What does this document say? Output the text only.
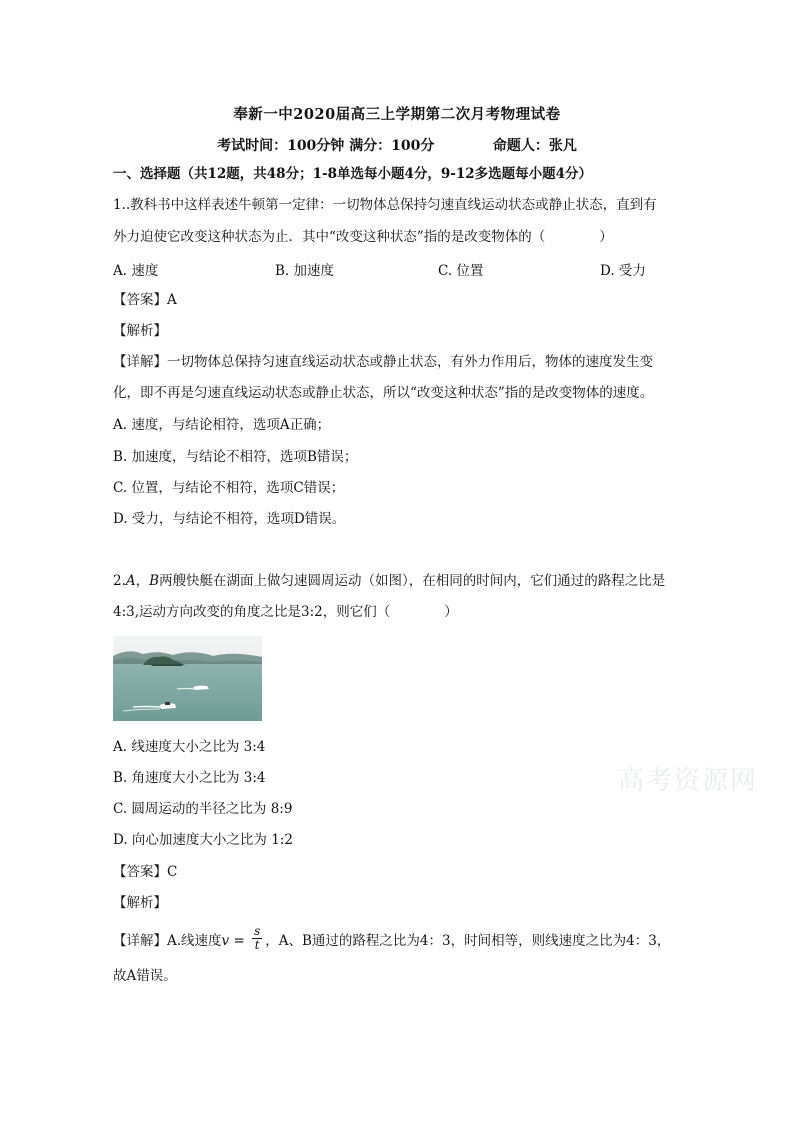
奉新一中2020届高三上学期第二次月考物理试卷
考试时间：100分钟 满分：100分	命题人：张凡
一、选择题（共12题，共48分；1-8单选每小题4分，9-12多选题每小题4分）
1..教科书中这样表述牛顿第一定律：一切物体总保持匀速直线运动状态或静止状态，直到有
外力迫使它改变这种状态为止．其中“改变这种状态”指的是改变物体的（　　　　）
A. 速度	B. 加速度	C. 位置	D. 受力
【答案】A
【解析】
【详解】一切物体总保持匀速直线运动状态或静止状态，有外力作用后，物体的速度发生变
化，即不再是匀速直线运动状态或静止状态，所以“改变这种状态”指的是改变物体的速度。
A. 速度，与结论相符，选项A正确；
B. 加速度，与结论不相符，选项B错误；
C. 位置，与结论不相符，选项C错误；
D. 受力，与结论不相符，选项D错误。
2.A，B两艘快艇在湖面上做匀速圆周运动（如图），在相同的时间内，它们通过的路程之比是
4:3,运动方向改变的角度之比是3:2，则它们（　　　　）
A. 线速度大小之比为 3:4
B. 角速度大小之比为 3:4
C. 圆周运动的半径之比为 8:9
D. 向心加速度大小之比为 1:2
【答案】C
【解析】
【详解】A.线速度$v = \frac{s}{t}$ ，A、B通过的路程之比为4：3，时间相等，则线速度之比为4：3，
故A错误。
高考资源网
